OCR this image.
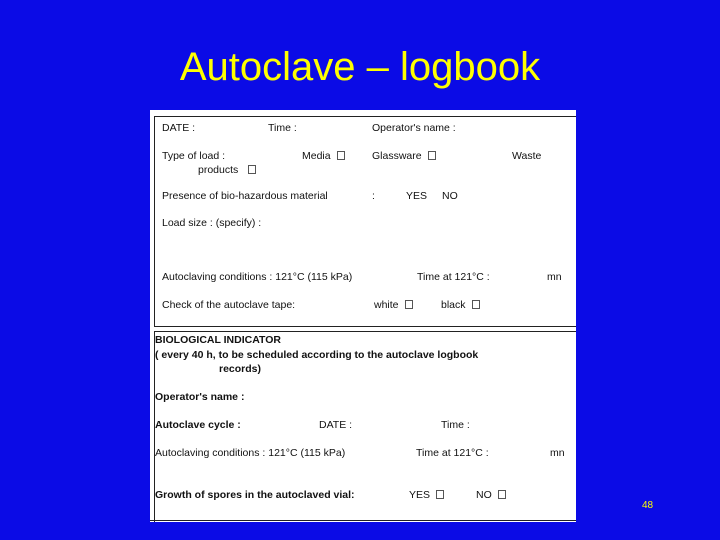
Autoclave – logbook
DATE :	Time :	Operator's name :
Type of load :	Media	Glassware	Waste
products
Presence of bio-hazardous material	:	YES NO
Load size : (specify) :
Autoclaving conditions : 121°C (115 kPa)	Time at 121°C :	mn
Check of the autoclave tape:	white	black
BIOLOGICAL INDICATOR
( every 40 h, to be scheduled according to the autoclave logbook
records)
Operator's name :
Autoclave cycle :	DATE :	Time :
Autoclaving conditions : 121°C (115 kPa)	Time at 121°C :	mn
Growth of spores in the autoclaved vial:	YES	NO
48
